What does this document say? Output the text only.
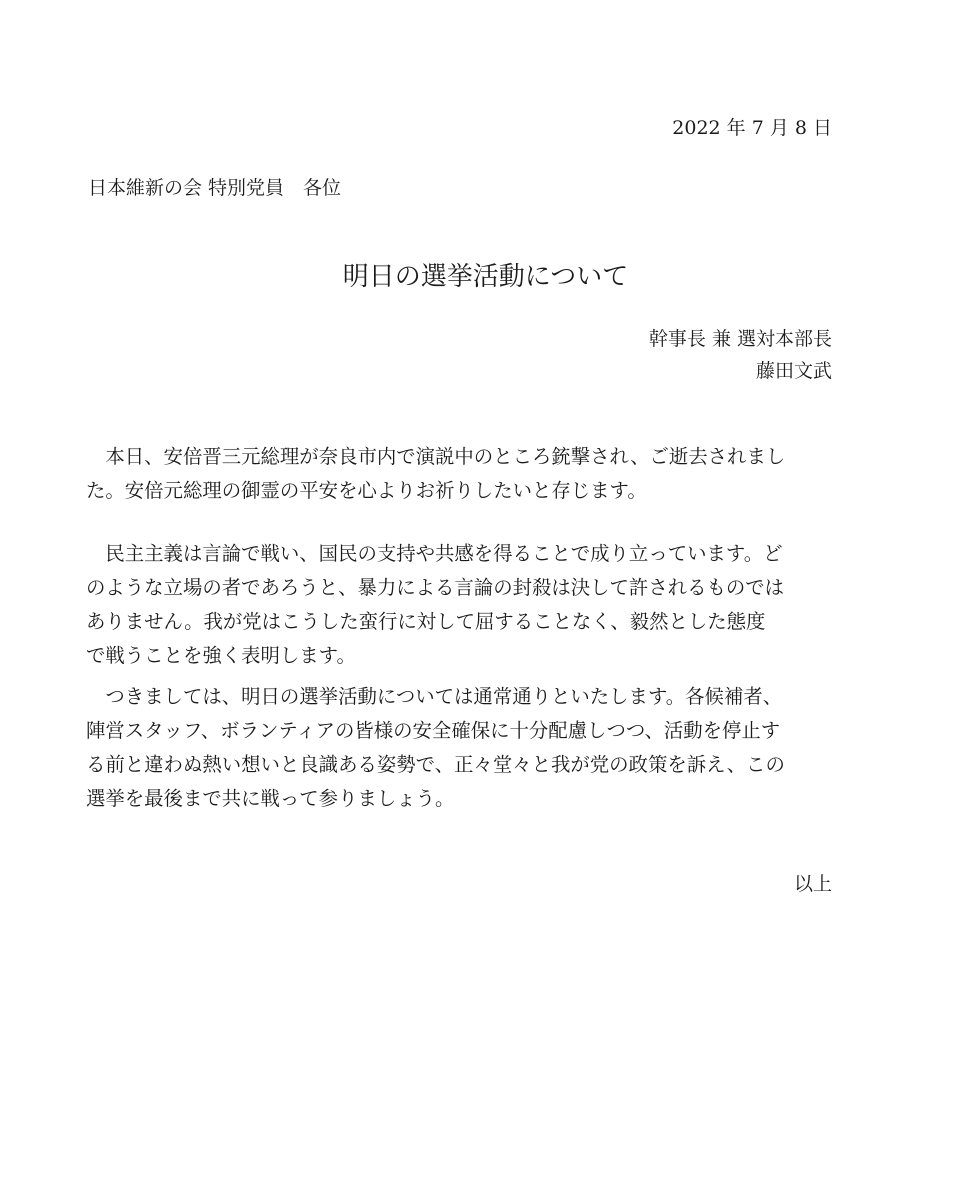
2022 年 7 月 8 日
日本維新の会 特別党員　各位
明日の選挙活動について
幹事長 兼 選対本部長
藤田文武
　本日、安倍晋三元総理が奈良市内で演説中のところ銃撃され、ご逝去されまし
た。安倍元総理の御霊の平安を心よりお祈りしたいと存じます。
　民主主義は言論で戦い、国民の支持や共感を得ることで成り立っています。ど
のような立場の者であろうと、暴力による言論の封殺は決して許されるものでは
ありません。我が党はこうした蛮行に対して屈することなく、毅然とした態度
で戦うことを強く表明します。
　つきましては、明日の選挙活動については通常通りといたします。各候補者、
陣営スタッフ、ボランティアの皆様の安全確保に十分配慮しつつ、活動を停止す
る前と違わぬ熱い想いと良識ある姿勢で、正々堂々と我が党の政策を訴え、この
選挙を最後まで共に戦って参りましょう。
以上
